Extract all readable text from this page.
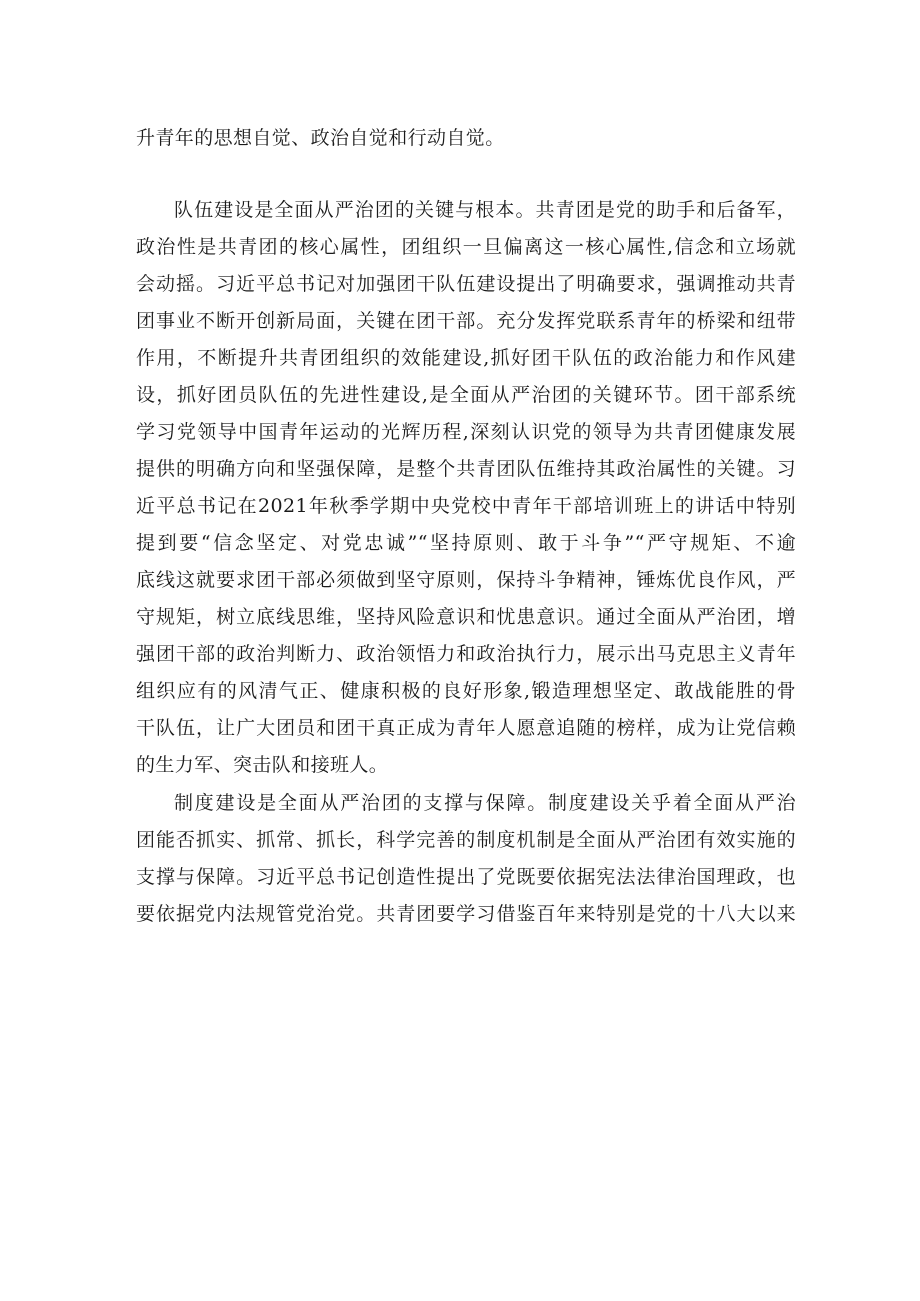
升青年的思想自觉、政治自觉和行动自觉。
队伍建设是全面从严治团的关键与根本。共青团是党的助手和后备军，
政治性是共青团的核心属性，团组织一旦偏离这一核心属性,信念和立场就
会动摇。习近平总书记对加强团干队伍建设提出了明确要求，强调推动共青
团事业不断开创新局面，关键在团干部。充分发挥党联系青年的桥梁和纽带
作用，不断提升共青团组织的效能建设,抓好团干队伍的政治能力和作风建
设，抓好团员队伍的先进性建设,是全面从严治团的关键环节。团干部系统
学习党领导中国青年运动的光辉历程,深刻认识党的领导为共青团健康发展
提供的明确方向和坚强保障，是整个共青团队伍维持其政治属性的关键。习
近平总书记在2021年秋季学期中央党校中青年干部培训班上的讲话中特别
提到要“信念坚定、对党忠诚”“坚持原则、敢于斗争”“严守规矩、不逾
底线这就要求团干部必须做到坚守原则，保持斗争精神，锤炼优良作风，严
守规矩，树立底线思维，坚持风险意识和忧患意识。通过全面从严治团，增
强团干部的政治判断力、政治领悟力和政治执行力，展示出马克思主义青年
组织应有的风清气正、健康积极的良好形象,锻造理想坚定、敢战能胜的骨
干队伍，让广大团员和团干真正成为青年人愿意追随的榜样，成为让党信赖
的生力军、突击队和接班人。
制度建设是全面从严治团的支撑与保障。制度建设关乎着全面从严治
团能否抓实、抓常、抓长，科学完善的制度机制是全面从严治团有效实施的
支撑与保障。习近平总书记创造性提出了党既要依据宪法法律治国理政，也
要依据党内法规管党治党。共青团要学习借鉴百年来特别是党的十八大以来
